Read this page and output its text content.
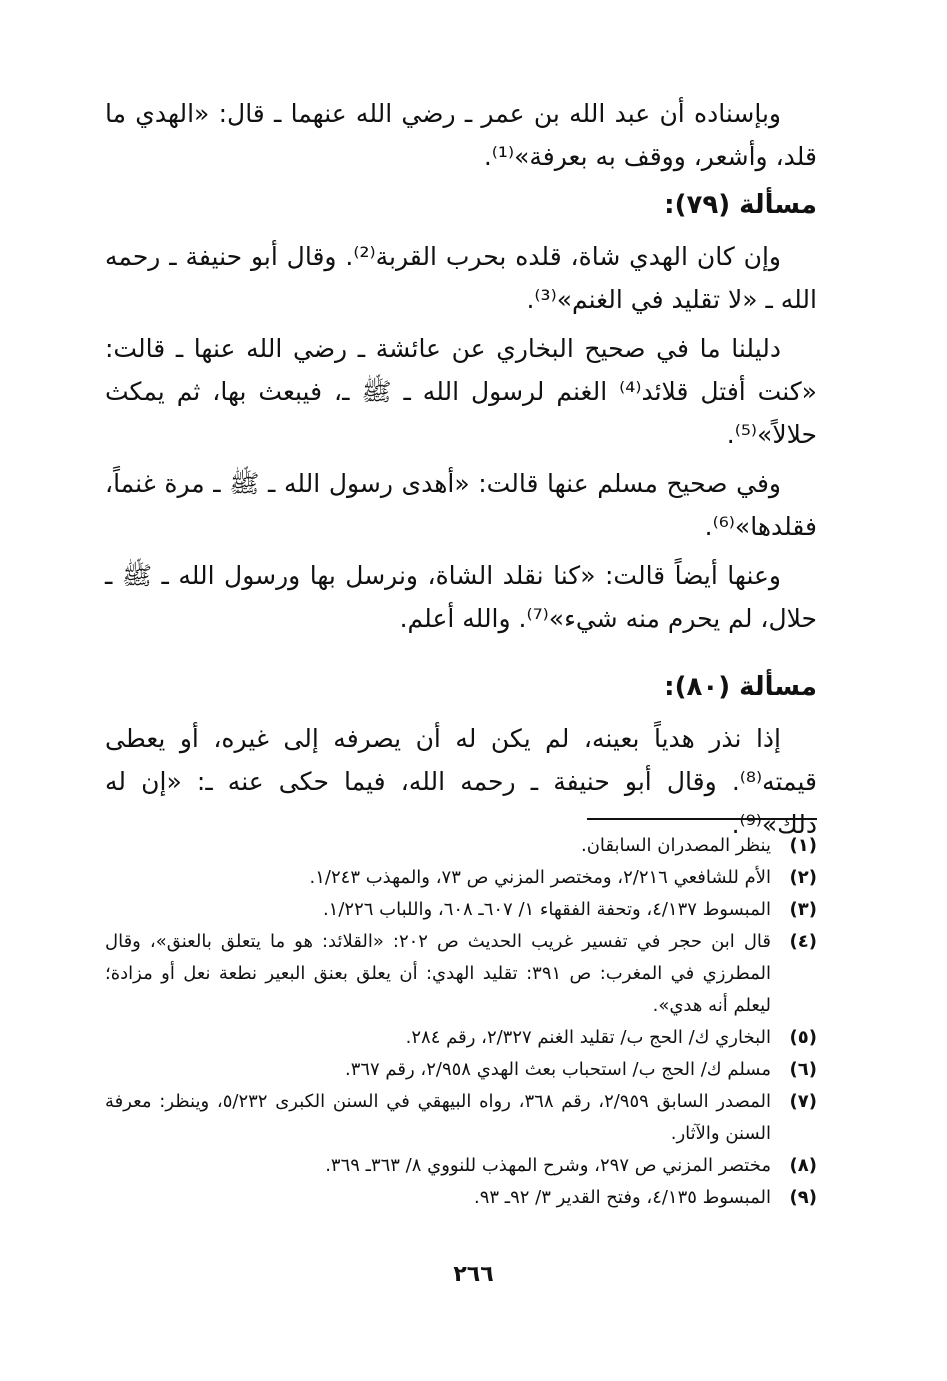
وبإسناده أن عبد الله بن عمر ـ رضي الله عنهما ـ قال: «الهدي ما قلد، وأشعر، ووقف به بعرفة»⁽¹⁾.

مسألة (٧٩):

وإن كان الهدي شاة، قلده بحرب القربة⁽²⁾. وقال أبو حنيفة ـ رحمه الله ـ «لا تقليد في الغنم»⁽³⁾.

دليلنا ما في صحيح البخاري عن عائشة ـ رضي الله عنها ـ قالت: «كنت أفتل قلائد⁽⁴⁾ الغنم لرسول الله ـ ﷺ ـ، فيبعث بها، ثم يمكث حلالاً»⁽⁵⁾.

وفي صحيح مسلم عنها قالت: «أهدى رسول الله ـ ﷺ ـ مرة غنماً، فقلدها»⁽⁶⁾.

وعنها أيضاً قالت: «كنا نقلد الشاة، ونرسل بها ورسول الله ـ ﷺ ـ حلال، لم يحرم منه شيء»⁽⁷⁾. والله أعلم.

مسألة (٨٠):

إذا نذر هدياً بعينه، لم يكن له أن يصرفه إلى غيره، أو يعطى قيمته⁽⁸⁾. وقال أبو حنيفة ـ رحمه الله، فيما حكى عنه ـ: «إن له ذلك»⁽⁹⁾.

(١)
ينظر المصدران السابقان.
(٢)
الأم للشافعي ٢/٢١٦، ومختصر المزني ص ٧٣، والمهذب ١/٢٤٣.
(٣)
المبسوط ٤/١٣٧، وتحفة الفقهاء ١/ ٦٠٧ـ ٦٠٨، واللباب ١/٢٢٦.
(٤)
قال ابن حجر في تفسير غريب الحديث ص ٢٠٢: «القلائد: هو ما يتعلق بالعنق»، وقال المطرزي في المغرب: ص ٣٩١: تقليد الهدي: أن يعلق بعنق البعير نطعة نعل أو مزادة؛ ليعلم أنه هدي».
(٥)
البخاري ك/ الحج ب/ تقليد الغنم ٢/٣٢٧، رقم ٢٨٤.
(٦)
مسلم ك/ الحج ب/ استحباب بعث الهدي ٢/٩٥٨، رقم ٣٦٧.
(٧)
المصدر السابق ٢/٩٥٩، رقم ٣٦٨، رواه البيهقي في السنن الكبرى ٥/٢٣٢، وينظر: معرفة السنن والآثار.
(٨)
مختصر المزني ص ٢٩٧، وشرح المهذب للنووي ٨/ ٣٦٣ـ ٣٦٩.
(٩)
المبسوط ٤/١٣٥، وفتح القدير ٣/ ٩٢ـ ٩٣.
٢٦٦
